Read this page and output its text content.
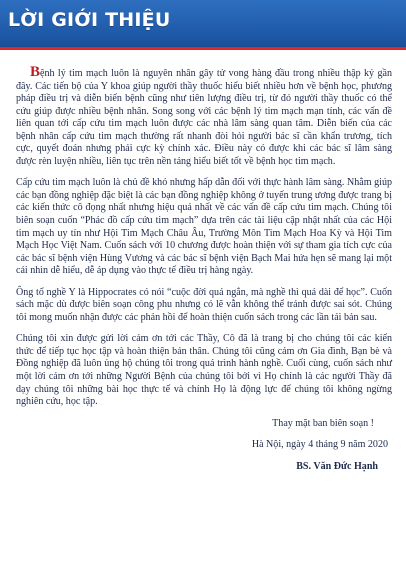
LỜI GIỚI THIỆU

Bệnh lý tim mạch luôn là nguyên nhân gây tử vong hàng đầu trong nhiều thập kỷ gần đây. Các tiến bộ của Y khoa giúp người thầy thuốc hiểu biết nhiều hơn về bệnh học, phương pháp điều trị và diễn biến bệnh cũng như tiên lượng điều trị, từ đó người thầy thuốc có thể cứu giúp được nhiều bệnh nhân. Song song với các bệnh lý tim mạch mạn tính, các vấn đề liên quan tới cấp cứu tim mạch luôn được các nhà lâm sàng quan tâm. Diễn biến của các bệnh nhân cấp cứu tim mạch thường rất nhanh đòi hỏi người bác sĩ cần khẩn trương, tích cực, quyết đoán nhưng phải cực kỳ chính xác. Điều này có được khi các bác sĩ lâm sàng được rèn luyện nhiều, liên tục trên nền tảng hiểu biết tốt về bệnh học tim mạch.

Cấp cứu tim mạch luôn là chủ đề khó nhưng hấp dẫn đối với thực hành lâm sàng. Nhằm giúp các bạn đồng nghiệp đặc biệt là các bạn đồng nghiệp không ở tuyến trung ương được trang bị các kiến thức cô đọng nhất nhưng hiệu quả nhất về các vấn đề cấp cứu tim mạch. Chúng tôi biên soạn cuốn “Phác đồ cấp cứu tim mạch” dựa trên các tài liệu cập nhật nhất của các Hội tim mạch uy tín như Hội Tim Mạch Châu Âu, Trường Môn Tim Mạch Hoa Kỳ và Hội Tim Mạch Học Việt Nam. Cuốn sách với 10 chương được hoàn thiện với sự tham gia tích cực của các bác sĩ bệnh viện Hùng Vương và các bác sĩ bệnh viện Bạch Mai hứa hẹn sẽ mang lại một cái nhìn dễ hiểu, dễ áp dụng vào thực tế điều trị hàng ngày.

Ông tổ nghề Y là Hippocrates có nói “cuộc đời quá ngắn, mà nghề thì quá dài để học”. Cuốn sách mặc dù được biên soạn công phu nhưng có lẽ vẫn không thể tránh được sai sót. Chúng tôi mong muốn nhận được các phản hồi để hoàn thiện cuốn sách trong các lần tái bản sau.

Chúng tôi xin được gửi lời cảm ơn tới các Thầy, Cô đã là trang bị cho chúng tôi các kiến thức để tiếp tục học tập và hoàn thiện bản thân. Chúng tôi cũng cảm ơn Gia đình, Bạn bè và Đồng nghiệp đã luôn ủng hộ chúng tôi trong quá trình hành nghề. Cuối cùng, cuốn sách như một lời cảm ơn tới những Người Bệnh của chúng tôi bởi vì Họ chính là các người Thầy đã dạy chúng tôi những bài học thực tế và chính Họ là động lực để chúng tôi không ngừng nghiên cứu, học tập.

Thay mặt ban biên soạn !

Hà Nội, ngày 4 tháng 9 năm 2020

BS. Văn Đức Hạnh
